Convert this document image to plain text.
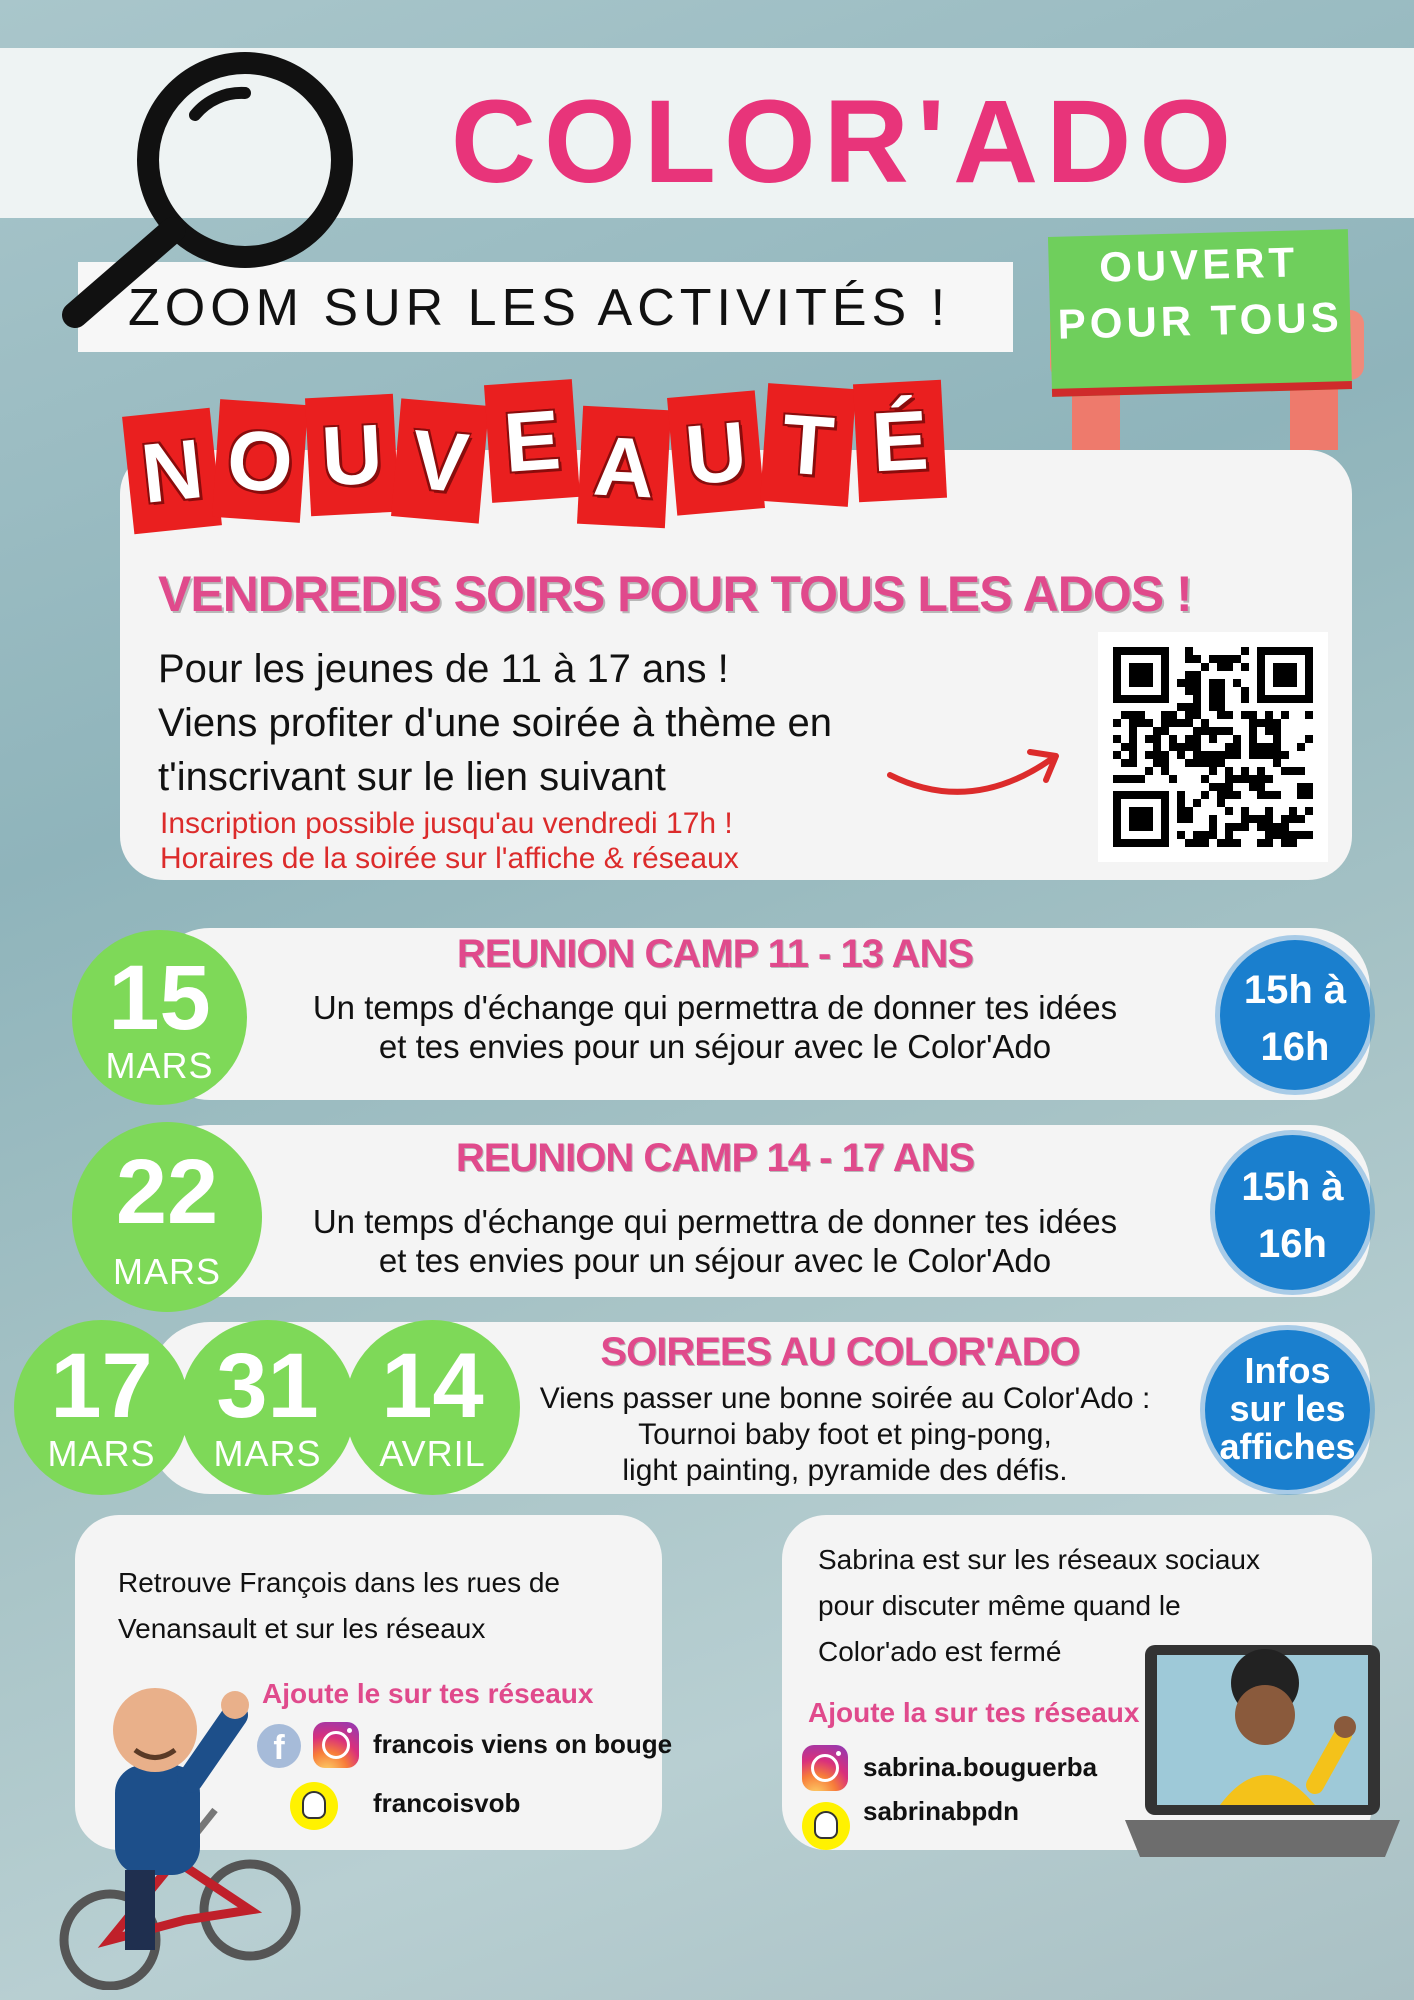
COLOR'ADO
ZOOM SUR LES ACTIVITÉS !
OUVERT
POUR TOUS
N O U V E A U T É
VENDREDIS SOIRS POUR TOUS LES ADOS !
Pour les jeunes de 11 à 17 ans !
Viens profiter d'une soirée à thème en
t'inscrivant sur le lien suivant
Inscription possible jusqu'au vendredi 17h !
Horaires de la soirée sur l'affiche & réseaux
15
MARS
REUNION CAMP 11 - 13 ANS
Un temps d'échange qui permettra de donner tes idées
et tes envies pour un séjour avec le Color'Ado
15h à
16h
22
MARS
REUNION CAMP 14 - 17 ANS
Un temps d'échange qui permettra de donner tes idées
et tes envies pour un séjour avec le Color'Ado
15h à
16h
17
MARS
31
MARS
14
AVRIL
SOIREES AU COLOR'ADO
Viens passer une bonne soirée au Color'Ado :
Tournoi baby foot et ping-pong,
light painting, pyramide des défis.
Infos
sur les
affiches
Retrouve François dans les rues de
Venansault et sur les réseaux
Ajoute le sur tes réseaux
f	francois viens on bouge
francoisvob
Sabrina est sur les réseaux sociaux
pour discuter même quand le
Color'ado est fermé
Ajoute la sur tes réseaux
sabrina.bouguerba
sabrinabpdn
